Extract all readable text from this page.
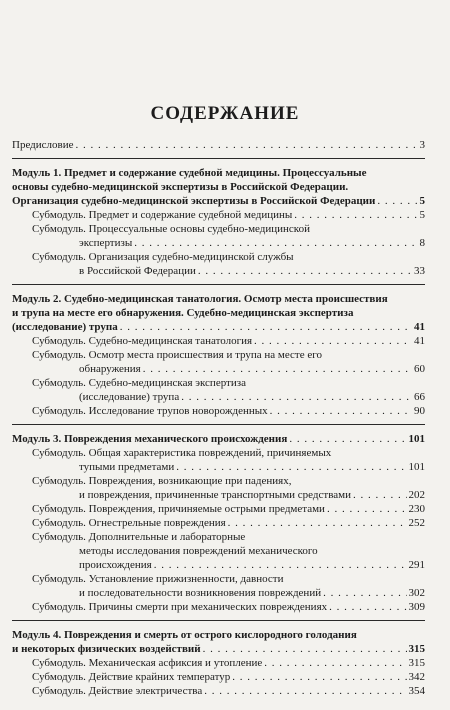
СОДЕРЖАНИЕ
Предисловие . . .	3
Модуль 1. Предмет и содержание судебной медицины. Процессуальные
основы судебно-медицинской экспертизы в Российской Федерации.
Организация судебно-медицинской экспертизы в Российской Федерации . . .	5
Субмодуль. Предмет и содержание судебной медицины . . .	5
Субмодуль. Процессуальные основы судебно-медицинской
экспертизы . . .	8
Субмодуль. Организация судебно-медицинской службы
в Российской Федерации . . .	33
Модуль 2. Судебно-медицинская танатология. Осмотр места происшествия
и трупа на месте его обнаружения. Судебно-медицинская экспертиза
(исследование) трупа . . .	41
Субмодуль. Судебно-медицинская танатология . . .	41
Субмодуль. Осмотр места происшествия и трупа на месте его
обнаружения . . .	60
Субмодуль. Судебно-медицинская экспертиза
(исследование) трупа . . .	66
Субмодуль. Исследование трупов новорожденных . . .	90
Модуль 3. Повреждения механического происхождения . . .	101
Субмодуль. Общая характеристика повреждений, причиняемых
тупыми предметами . . .	101
Субмодуль. Повреждения, возникающие при падениях,
и повреждения, причиненные транспортными средствами . . .	202
Субмодуль. Повреждения, причиняемые острыми предметами . . .	230
Субмодуль. Огнестрельные повреждения . . .	252
Субмодуль. Дополнительные и лабораторные
методы исследования повреждений механического
происхождения . . .	291
Субмодуль. Установление прижизненности, давности
и последовательности возникновения повреждений . . .	302
Субмодуль. Причины смерти при механических повреждениях . . .	309
Модуль 4. Повреждения и смерть от острого кислородного голодания
и некоторых физических воздействий . . .	315
Субмодуль. Механическая асфиксия и утопление . . .	315
Субмодуль. Действие крайних температур . . .	342
Субмодуль. Действие электричества . . .	354
